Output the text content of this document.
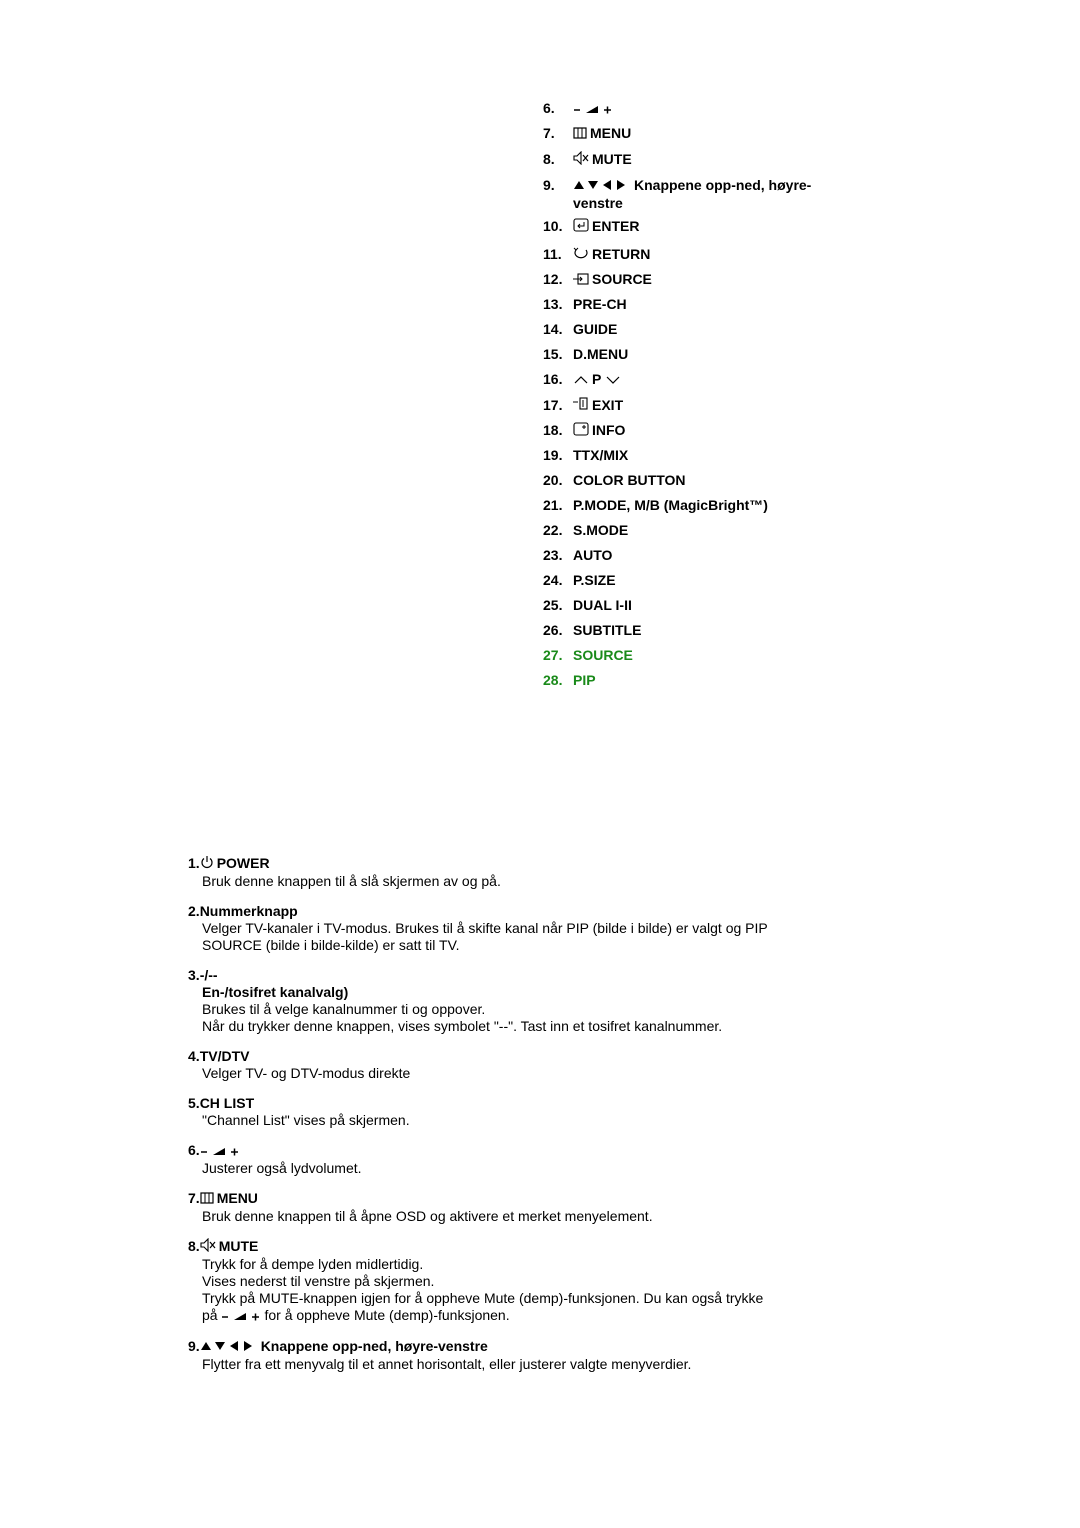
6.
7.	MENU
8.	MUTE
9.	Knappene opp-ned, høyre-venstre
10.	ENTER
11.	RETURN
12.	SOURCE
13. PRE-CH
14. GUIDE
15. D.MENU
16.	P
17.	EXIT
18.	INFO
19. TTX/MIX
20. COLOR BUTTON
21. P.MODE, M/B (MagicBright™)
22. S.MODE
23. AUTO
24. P.SIZE
25. DUAL I-II
26. SUBTITLE
27. SOURCE
28. PIP
1. POWER
Bruk denne knappen til å slå skjermen av og på.
2.Nummerknapp
Velger TV-kanaler i TV-modus. Brukes til å skifte kanal når PIP (bilde i bilde) er valgt og PIP SOURCE (bilde i bilde-kilde) er satt til TV.
3.-/--
En-/tosifret kanalvalg)
Brukes til å velge kanalnummer ti og oppover.
Når du trykker denne knappen, vises symbolet "--". Tast inn et tosifret kanalnummer.
4.TV/DTV
Velger TV- og DTV-modus direkte
5.CH LIST
"Channel List" vises på skjermen.
6.
Justerer også lydvolumet.
7. MENU
Bruk denne knappen til å åpne OSD og aktivere et merket menyelement.
8. MUTE
Trykk for å dempe lyden midlertidig.
Vises nederst til venstre på skjermen.
Trykk på MUTE-knappen igjen for å oppheve Mute (demp)-funksjonen. Du kan også trykke
på	for å oppheve Mute (demp)-funksjonen.
9.	Knappene opp-ned, høyre-venstre
Flytter fra ett menyvalg til et annet horisontalt, eller justerer valgte menyverdier.
